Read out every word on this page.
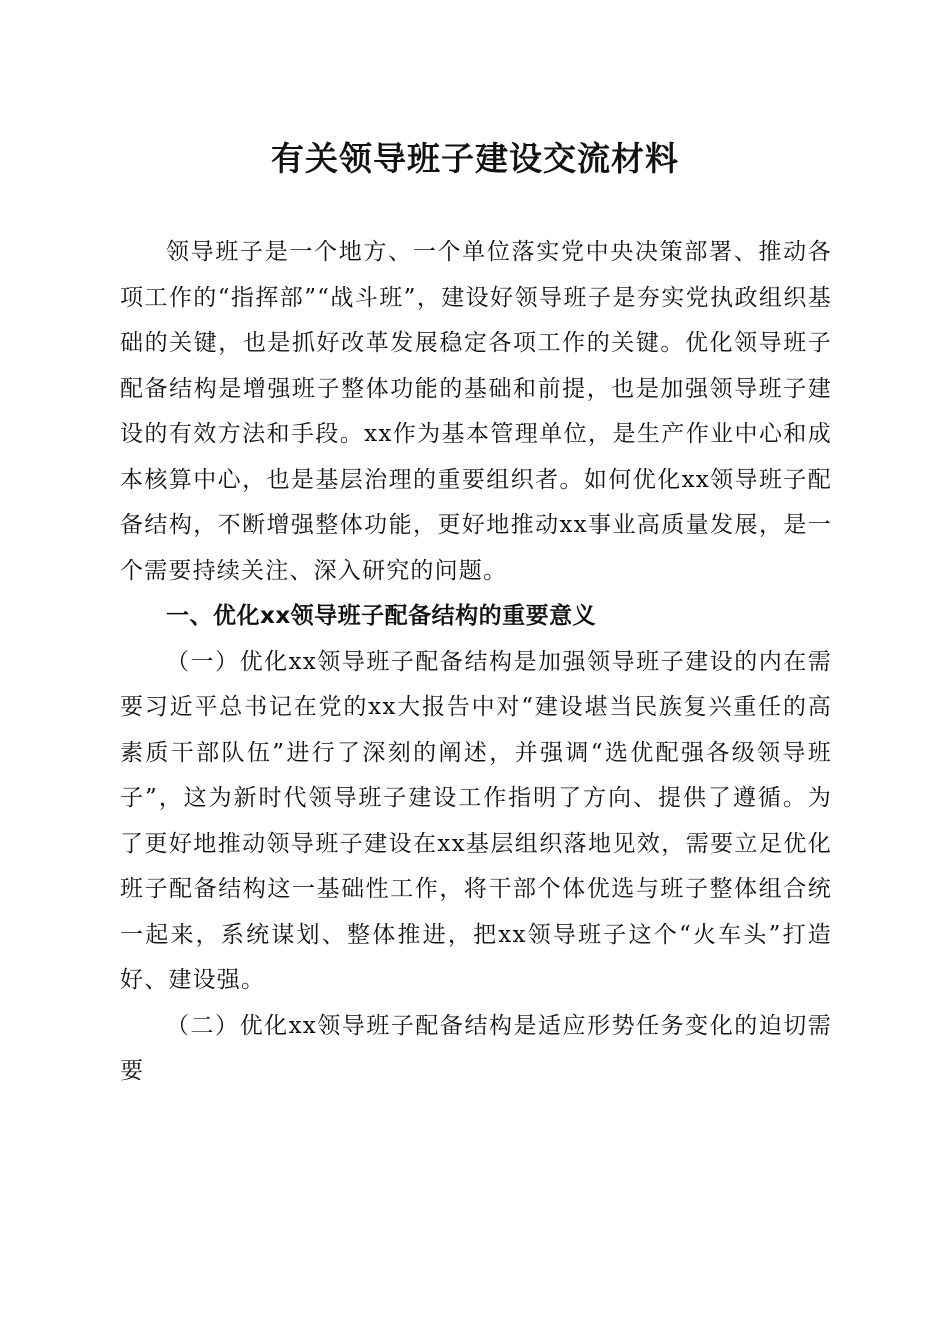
有关领导班子建设交流材料

领导班子是一个地方、一个单位落实党中央决策部署、推动各项工作的“指挥部”“战斗班”，建设好领导班子是夯实党执政组织基础的关键，也是抓好改革发展稳定各项工作的关键。优化领导班子配备结构是增强班子整体功能的基础和前提，也是加强领导班子建设的有效方法和手段。xx作为基本管理单位，是生产作业中心和成本核算中心，也是基层治理的重要组织者。如何优化xx领导班子配备结构，不断增强整体功能，更好地推动xx事业高质量发展，是一个需要持续关注、深入研究的问题。

一、优化xx领导班子配备结构的重要意义

（一）优化xx领导班子配备结构是加强领导班子建设的内在需要习近平总书记在党的xx大报告中对“建设堪当民族复兴重任的高素质干部队伍”进行了深刻的阐述，并强调“选优配强各级领导班子”，这为新时代领导班子建设工作指明了方向、提供了遵循。为了更好地推动领导班子建设在xx基层组织落地见效，需要立足优化班子配备结构这一基础性工作，将干部个体优选与班子整体组合统一起来，系统谋划、整体推进，把xx领导班子这个“火车头”打造好、建设强。

（二）优化xx领导班子配备结构是适应形势任务变化的迫切需要
